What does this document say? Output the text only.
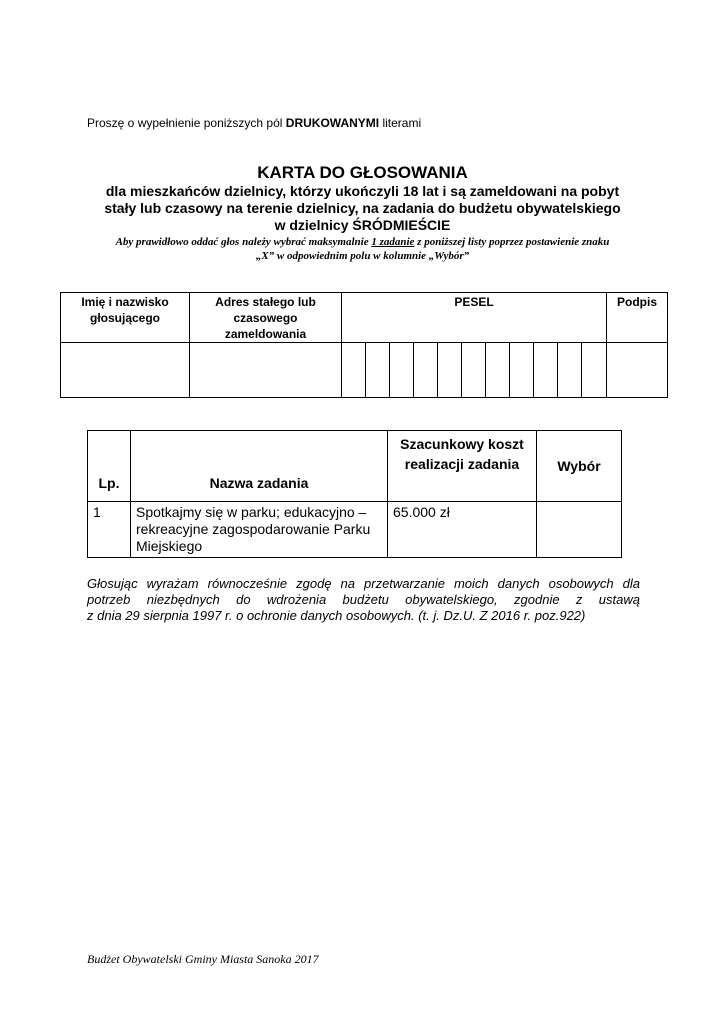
Proszę o wypełnienie poniższych pól DRUKOWANYMI literami
KARTA DO GŁOSOWANIA
dla mieszkańców dzielnicy, którzy ukończyli 18 lat i są zameldowani na pobyt
stały lub czasowy na terenie dzielnicy, na zadania do budżetu obywatelskiego
w dzielnicy ŚRÓDMIEŚCIE
Aby prawidłowo oddać głos należy wybrać maksymalnie 1 zadanie z poniższej listy poprzez postawienie znaku
„X” w odpowiednim polu w kolumnie „Wybór”
Imię i nazwisko głosującego	Adres stałego lub czasowego zameldowania	PESEL											Podpis

Lp.	Nazwa zadania	Szacunkowy koszt realizacji zadania	Wybór
1	Spotkajmy się w parku; edukacyjno – rekreacyjne zagospodarowanie Parku Miejskiego	65.000 zł	
Głosując wyrażam równocześnie zgodę na przetwarzanie moich danych osobowych dla
potrzeb niezbędnych do wdrożenia budżetu obywatelskiego, zgodnie z ustawą
z dnia 29 sierpnia 1997 r. o ochronie danych osobowych. (t. j. Dz.U. Z 2016 r. poz.922)
Budżet Obywatelski Gminy Miasta Sanoka 2017
